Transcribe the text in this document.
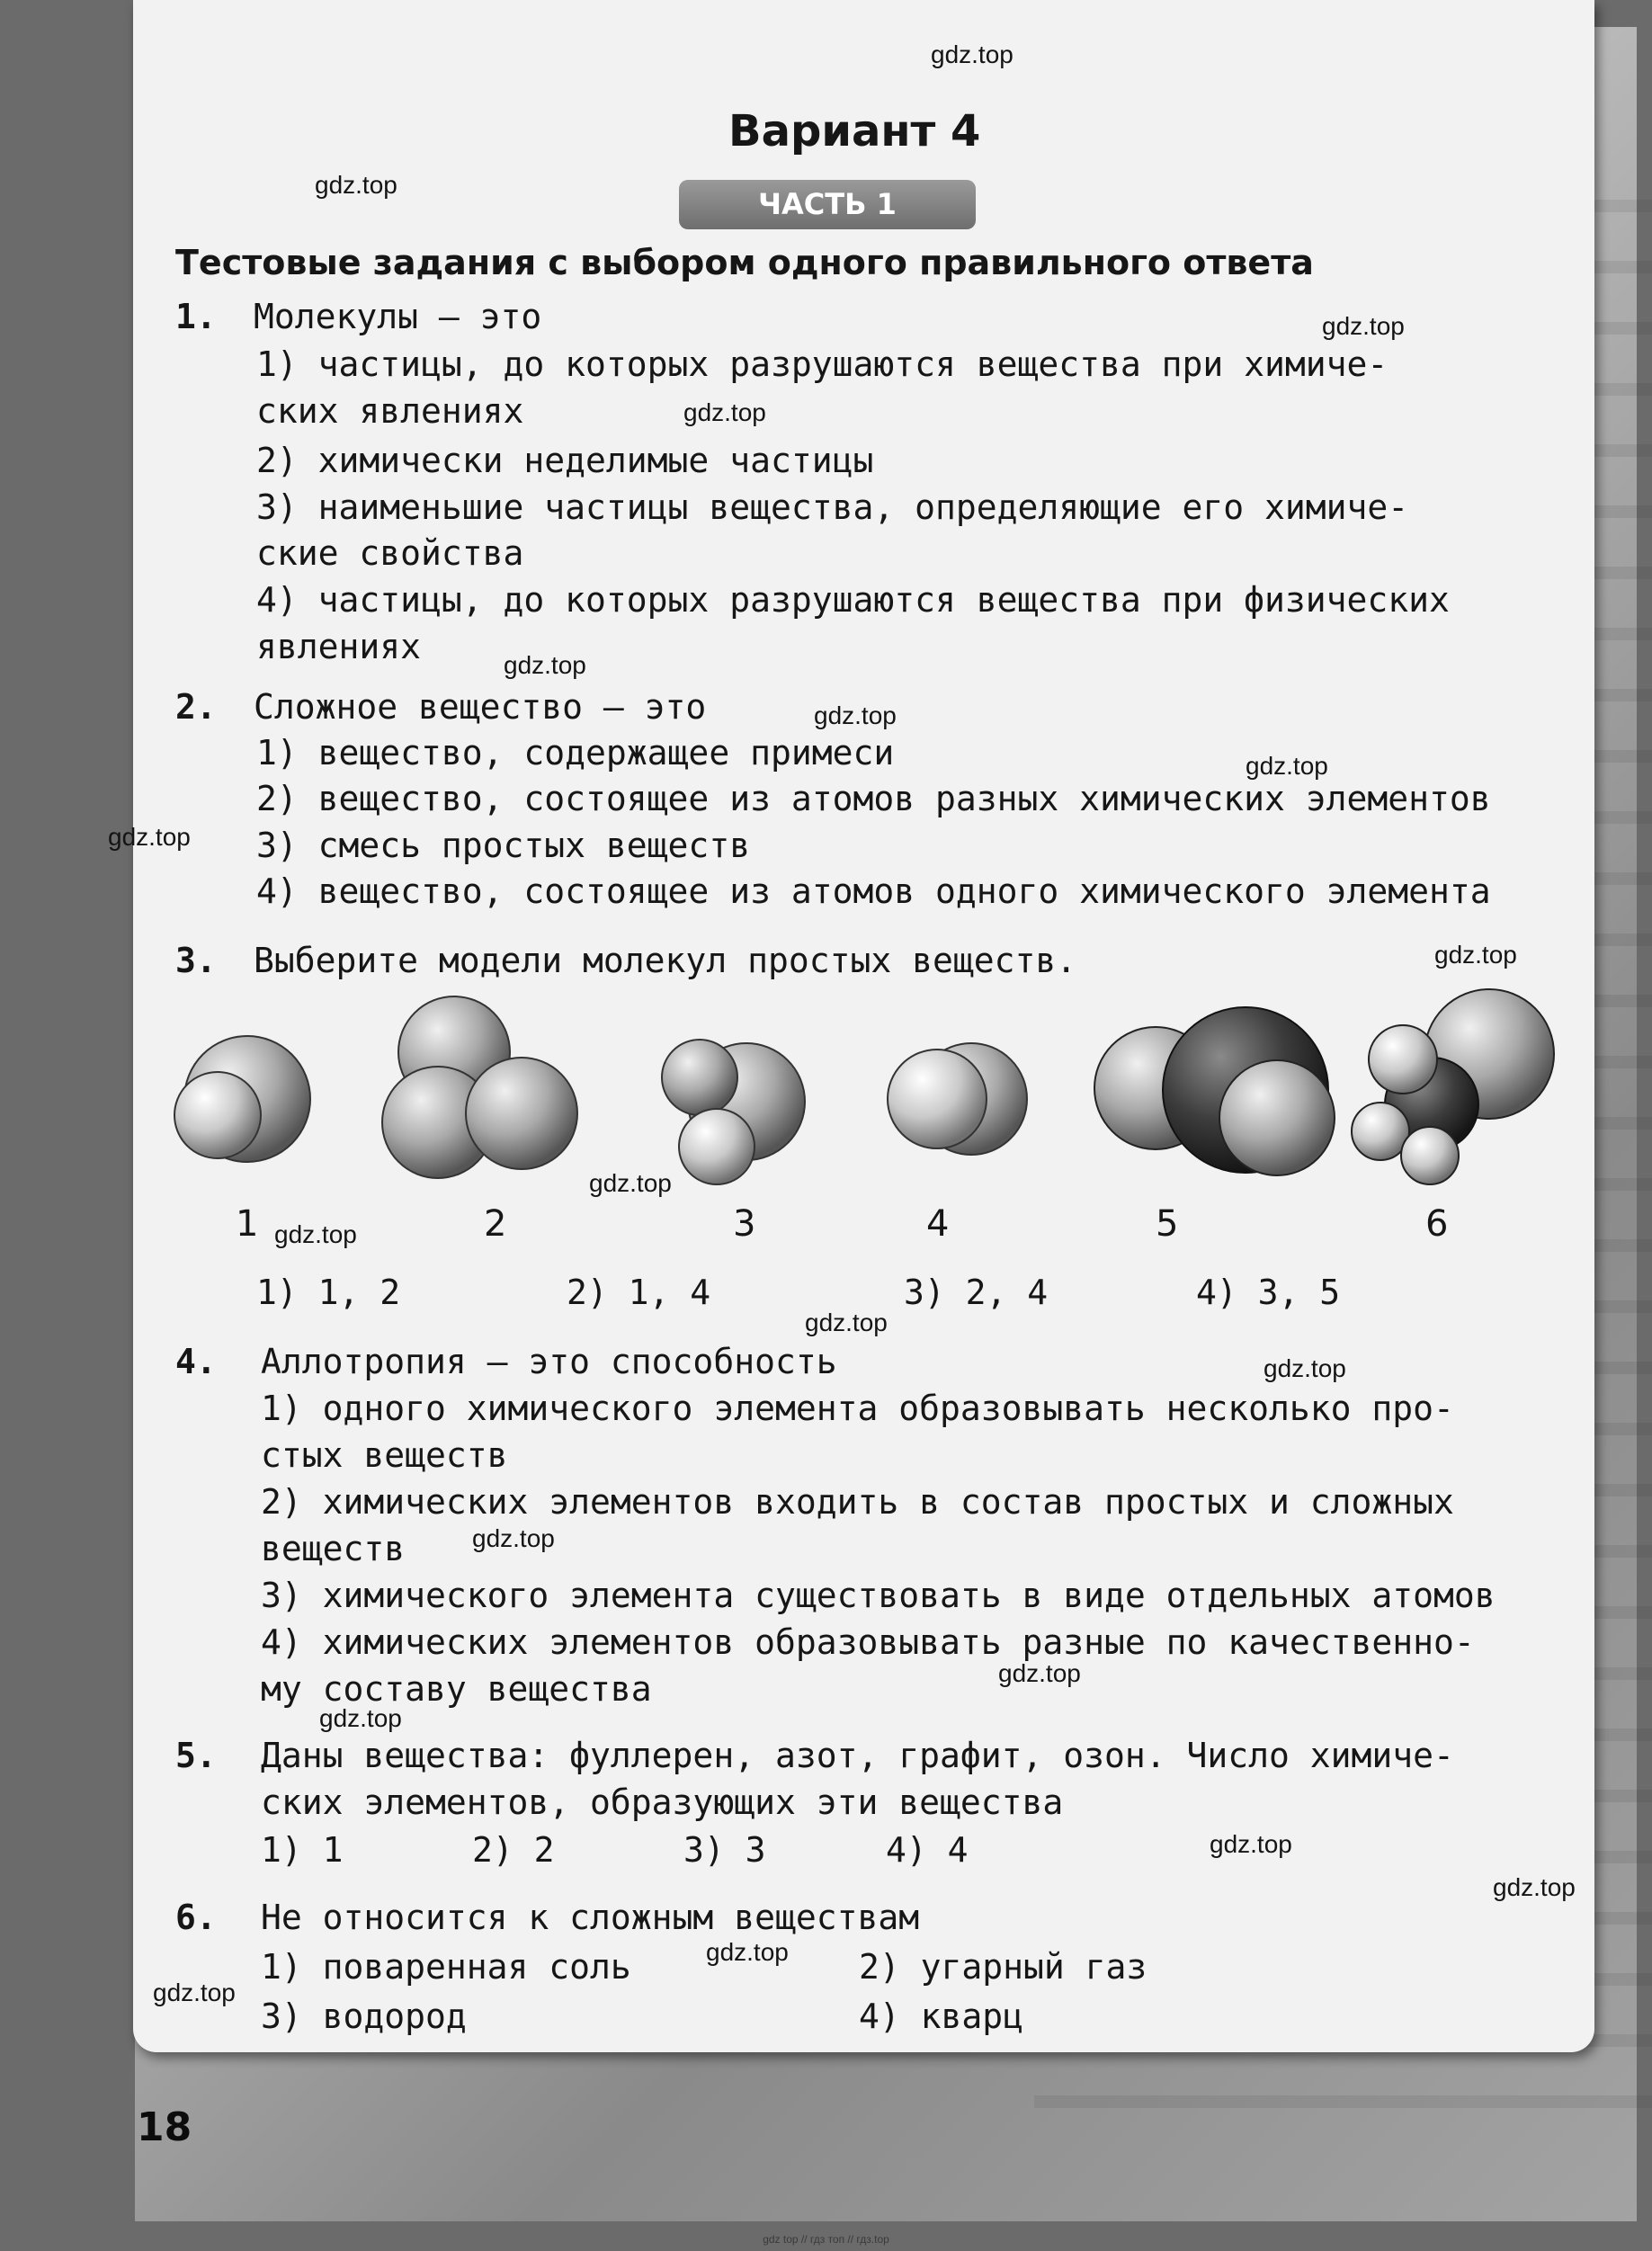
Вариант 4
ЧАСТЬ 1
Тестовые задания с выбором одного правильного ответа
1. Молекулы — это
1) частицы, до которых разрушаются вещества при химиче-
ских явлениях
2) химически неделимые частицы
3) наименьшие частицы вещества, определяющие его химиче-
ские свойства
4) частицы, до которых разрушаются вещества при физических
явлениях
2. Сложное вещество — это
1) вещество, содержащее примеси
2) вещество, состоящее из атомов разных химических элементов
3) смесь простых веществ
4) вещество, состоящее из атомов одного химического элемента
3. Выберите модели молекул простых веществ.
1	2	3	4	5	6
1) 1, 2	2) 1, 4	3) 2, 4	4) 3, 5
4. Аллотропия — это способность
1) одного химического элемента образовывать несколько про-
стых веществ
2) химических элементов входить в состав простых и сложных
веществ
3) химического элемента существовать в виде отдельных атомов
4) химических элементов образовывать разные по качественно-
му составу вещества
5. Даны вещества: фуллерен, азот, графит, озон. Число химиче-
ских элементов, образующих эти вещества
1) 1	2) 2	3) 3	4) 4
6. Не относится к сложным веществам
1) поваренная соль	2) угарный газ
3) водород	4) кварц
18
gdz.top
gdz.top
gdz.top
gdz.top
gdz.top
gdz.top
gdz.top
gdz.top
gdz.top
gdz.top
gdz.top
gdz.top
gdz.top
gdz.top
gdz.top
gdz.top
gdz.top
gdz.top
gdz.top
gdz.top
gdz top // гдз топ // гдз.top
